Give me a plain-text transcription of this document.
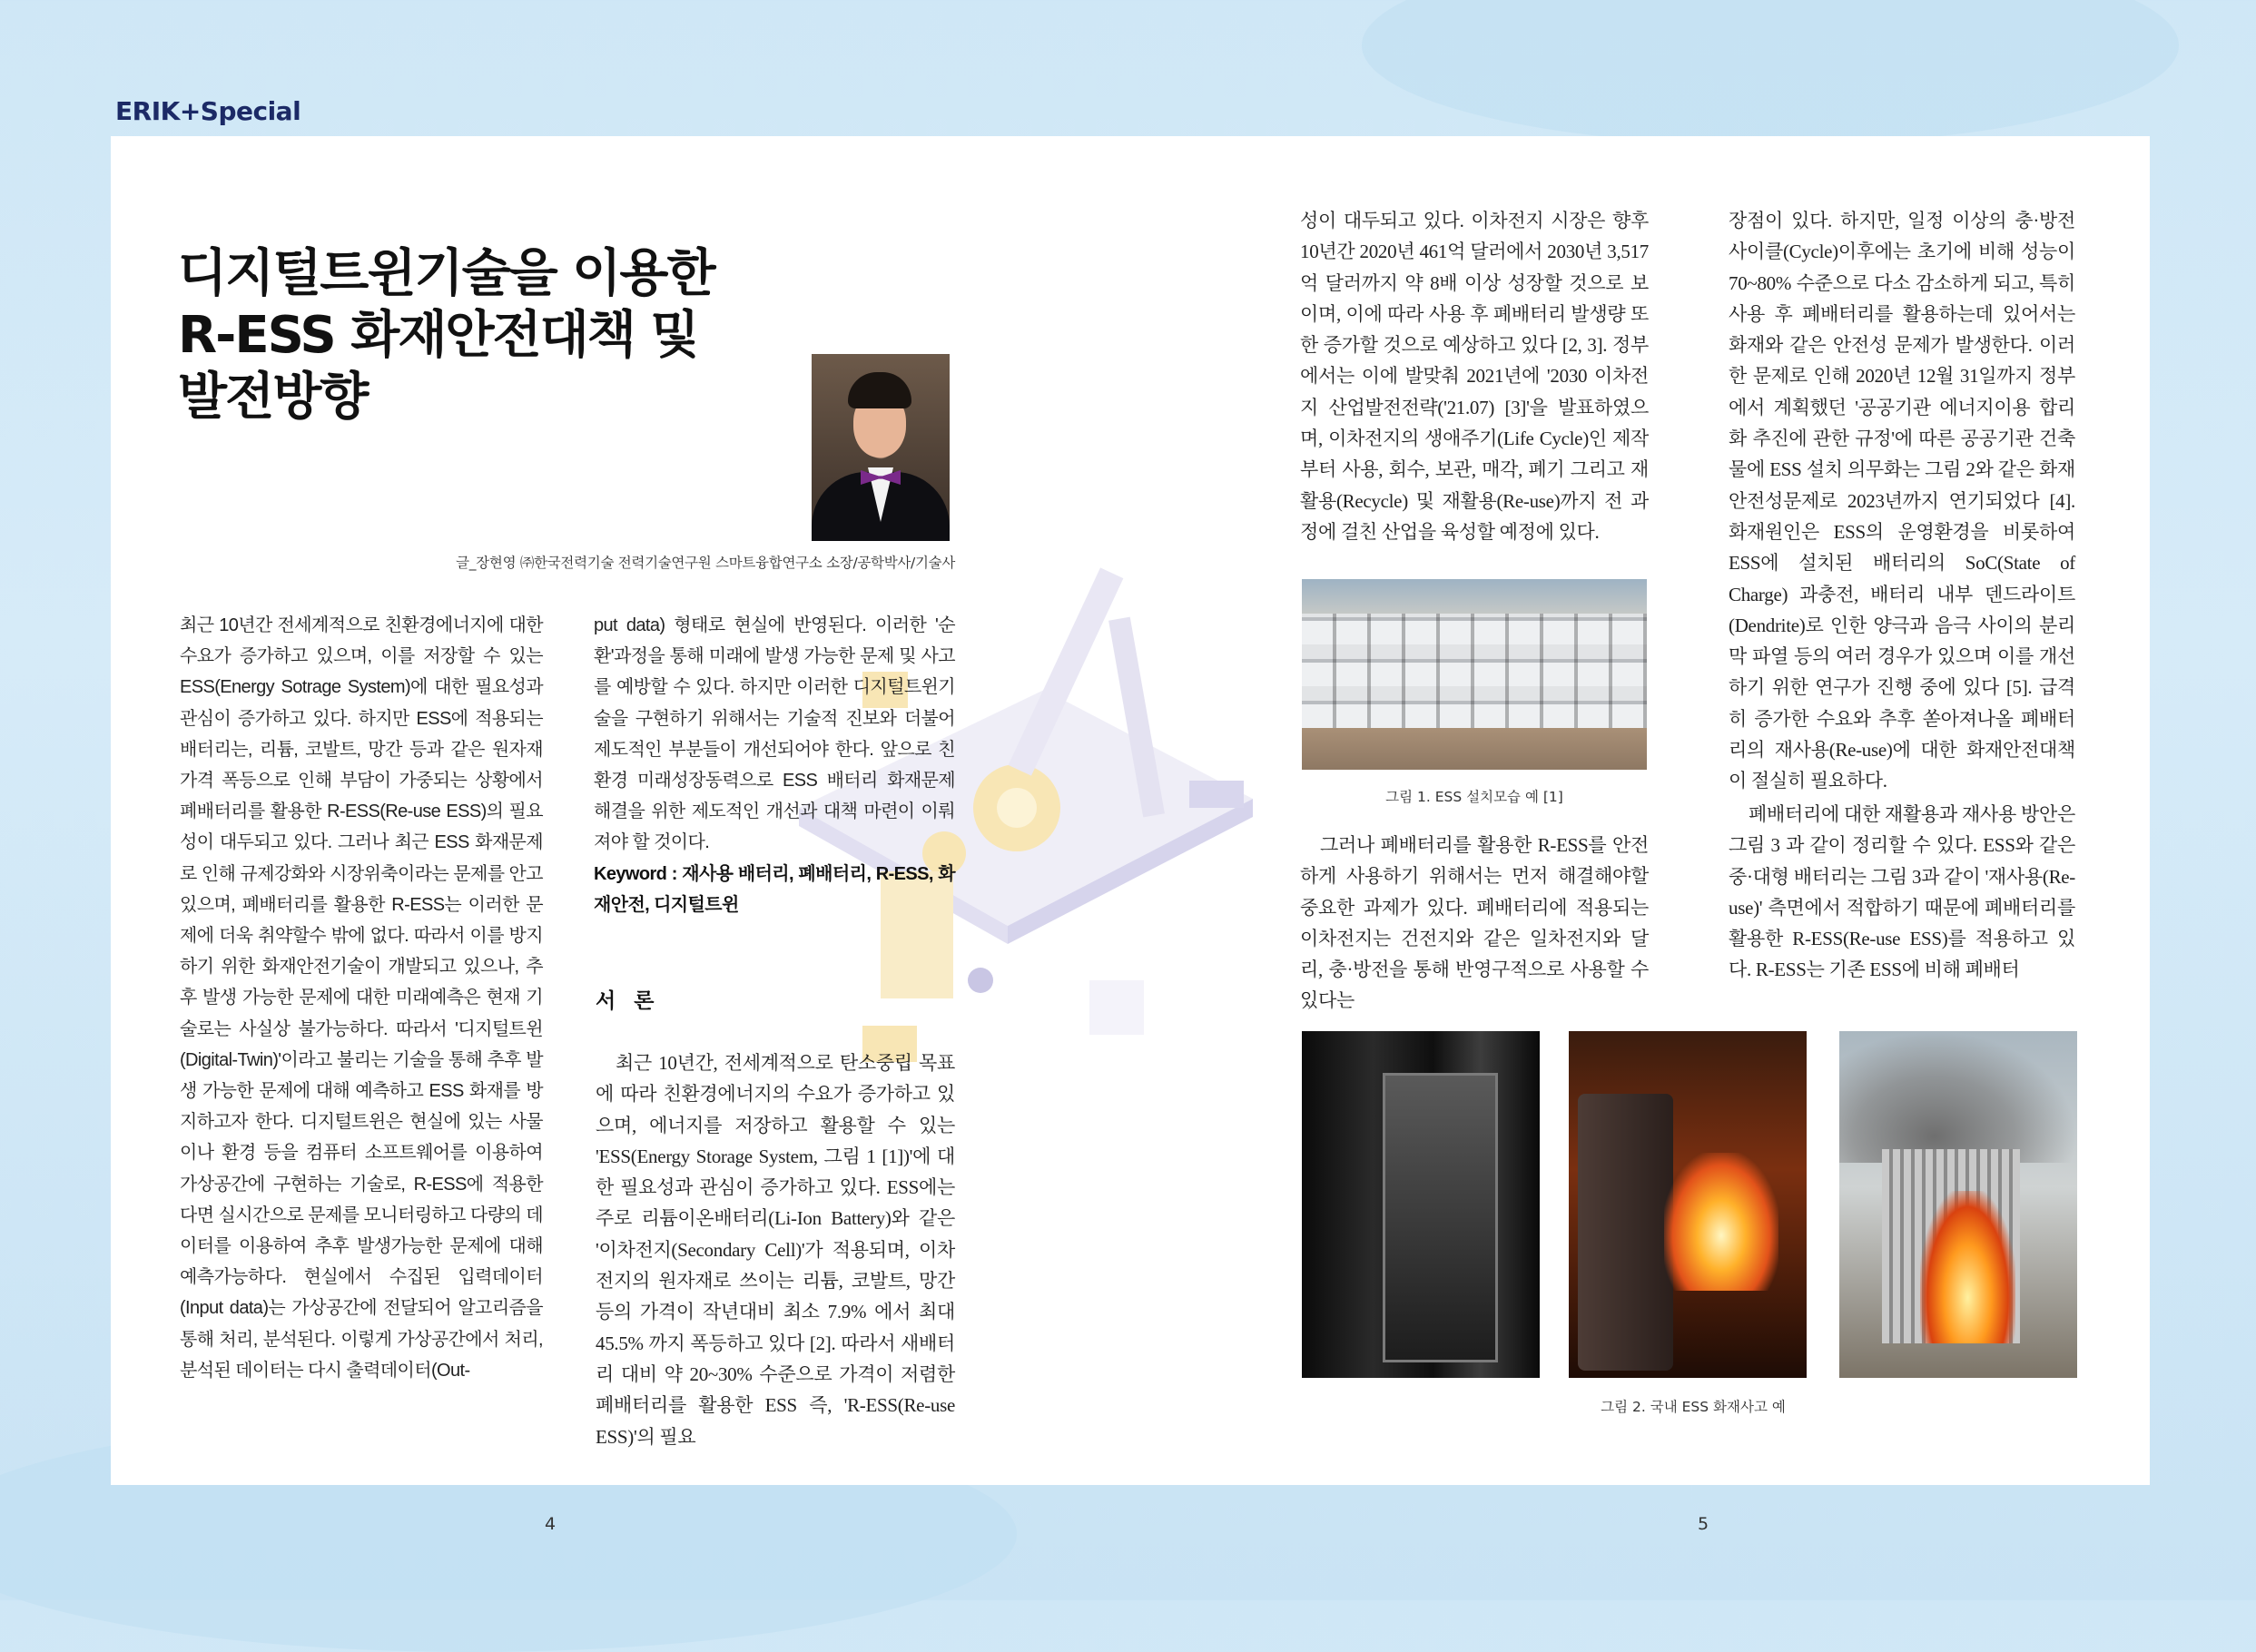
ERIK+Special
디지털트윈기술을 이용한
R-ESS 화재안전대책 및
발전방향
글_장현영 ㈜한국전력기술 전력기술연구원 스마트융합연구소 소장/공학박사/기술사

최근 10년간 전세계적으로 친환경에너지에 대한 수요가 증가하고 있으며, 이를 저장할 수 있는 ESS(Energy Sotrage System)에 대한 필요성과 관심이 증가하고 있다. 하지만 ESS에 적용되는 배터리는, 리튬, 코발트, 망간 등과 같은 원자재 가격 폭등으로 인해 부담이 가중되는 상황에서 폐배터리를 활용한 R-ESS(Re-use ESS)의 필요성이 대두되고 있다. 그러나 최근 ESS 화재문제로 인해 규제강화와 시장위축이라는 문제를 안고 있으며, 폐배터리를 활용한 R-ESS는 이러한 문제에 더욱 취약할수 밖에 없다. 따라서 이를 방지하기 위한 화재안전기술이 개발되고 있으나, 추후 발생 가능한 문제에 대한 미래예측은 현재 기술로는 사실상 불가능하다. 따라서 '디지털트윈(Digital-Twin)'이라고 불리는 기술을 통해 추후 발생 가능한 문제에 대해 예측하고 ESS 화재를 방지하고자 한다. 디지털트윈은 현실에 있는 사물이나 환경 등을 컴퓨터 소프트웨어를 이용하여 가상공간에 구현하는 기술로, R-ESS에 적용한다면 실시간으로 문제를 모니터링하고 다량의 데이터를 이용하여 추후 발생가능한 문제에 대해 예측가능하다. 현실에서 수집된 입력데이터(Input data)는 가상공간에 전달되어 알고리즘을 통해 처리, 분석된다. 이렇게 가상공간에서 처리, 분석된 데이터는 다시 출력데이터(Out-

put data) 형태로 현실에 반영된다. 이러한 '순환'과정을 통해 미래에 발생 가능한 문제 및 사고를 예방할 수 있다. 하지만 이러한 디지털트윈기술을 구현하기 위해서는 기술적 진보와 더불어 제도적인 부분들이 개선되어야 한다. 앞으로 친환경 미래성장동력으로 ESS 배터리 화재문제 해결을 위한 제도적인 개선과 대책 마련이 이뤄져야 할 것이다.

Keyword : 재사용 배터리, 폐배터리, R-ESS, 화재안전, 디지털트윈

서 론

최근 10년간, 전세계적으로 탄소중립 목표에 따라 친환경에너지의 수요가 증가하고 있으며, 에너지를 저장하고 활용할 수 있는 'ESS(Energy Storage System, 그림 1 [1])'에 대한 필요성과 관심이 증가하고 있다. ESS에는 주로 리튬이온배터리(Li-Ion Battery)와 같은 '이차전지(Secondary Cell)'가 적용되며, 이차전지의 원자재로 쓰이는 리튬, 코발트, 망간 등의 가격이 작년대비 최소 7.9% 에서 최대 45.5% 까지 폭등하고 있다 [2]. 따라서 새배터리 대비 약 20~30% 수준으로 가격이 저렴한 폐배터리를 활용한 ESS 즉, 'R-ESS(Re-use ESS)'의 필요

성이 대두되고 있다. 이차전지 시장은 향후 10년간 2020년 461억 달러에서 2030년 3,517억 달러까지 약 8배 이상 성장할 것으로 보이며, 이에 따라 사용 후 폐배터리 발생량 또한 증가할 것으로 예상하고 있다 [2, 3]. 정부에서는 이에 발맞춰 2021년에 '2030 이차전지 산업발전전략('21.07) [3]'을 발표하였으며, 이차전지의 생애주기(Life Cycle)인 제작부터 사용, 회수, 보관, 매각, 폐기 그리고 재활용(Recycle) 및 재활용(Re-use)까지 전 과정에 걸친 산업을 육성할 예정에 있다.

그림 1. ESS 설치모습 예 [1]

그러나 폐배터리를 활용한 R-ESS를 안전하게 사용하기 위해서는 먼저 해결해야할 중요한 과제가 있다. 폐배터리에 적용되는 이차전지는 건전지와 같은 일차전지와 달리, 충·방전을 통해 반영구적으로 사용할 수 있다는

장점이 있다. 하지만, 일정 이상의 충·방전 사이클(Cycle)이후에는 초기에 비해 성능이 70~80% 수준으로 다소 감소하게 되고, 특히 사용 후 폐배터리를 활용하는데 있어서는 화재와 같은 안전성 문제가 발생한다. 이러한 문제로 인해 2020년 12월 31일까지 정부에서 계획했던 '공공기관 에너지이용 합리화 추진에 관한 규정'에 따른 공공기관 건축물에 ESS 설치 의무화는 그림 2와 같은 화재 안전성문제로 2023년까지 연기되었다 [4]. 화재원인은 ESS의 운영환경을 비롯하여 ESS에 설치된 배터리의 SoC(State of Charge) 과충전, 배터리 내부 덴드라이트(Dendrite)로 인한 양극과 음극 사이의 분리막 파열 등의 여러 경우가 있으며 이를 개선하기 위한 연구가 진행 중에 있다 [5]. 급격히 증가한 수요와 추후 쏟아져나올 폐배터리의 재사용(Re-use)에 대한 화재안전대책이 절실히 필요하다.

폐배터리에 대한 재활용과 재사용 방안은 그림 3 과 같이 정리할 수 있다. ESS와 같은 중·대형 배터리는 그림 3과 같이 '재사용(Re-use)' 측면에서 적합하기 때문에 폐배터리를 활용한 R-ESS(Re-use ESS)를 적용하고 있다. R-ESS는 기존 ESS에 비해 폐배터

그림 2. 국내 ESS 화재사고 예
4	5
